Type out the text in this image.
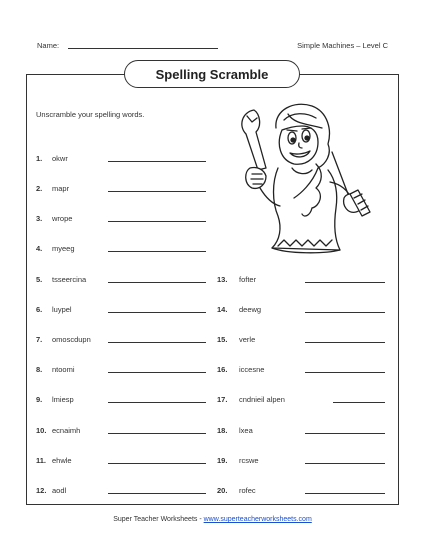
Name:	Simple Machines – Level C
Spelling Scramble
Unscramble your spelling words.
1.	okwr
2.	mapr
3.	wrope
4.	myeeg
5.	tsseercina
6.	luypel
7.	omoscdupn
8.	ntoomi
9.	lmiesp
10. ecnaimh
11. ehwle
12. aodl
13.	fofter
14.	deewg
15.	verle
16.	iccesne
17.	cndnieil alpen
18.	lxea
19.	rcswe
20.	rofec
Super Teacher Worksheets - www.superteacherworksheets.com
